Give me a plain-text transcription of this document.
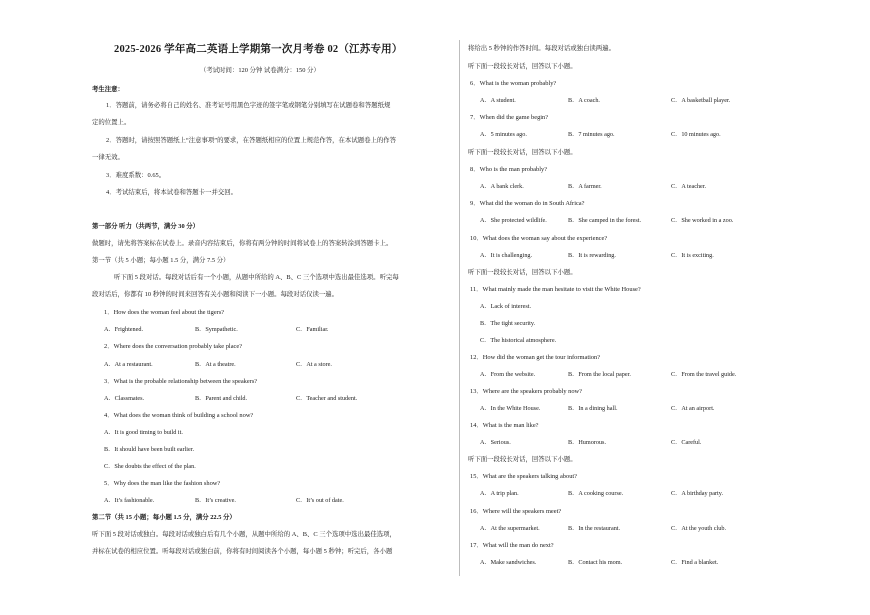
2025-2026 学年高二英语上学期第一次月考卷 02（江苏专用）
（考试时间：120 分钟 试卷满分：150 分）
考生注意：
1．答题前，请务必将自己的姓名、准考证号用黑色字迹的签字笔或钢笔分别填写在试题卷和答题纸规
定的位置上。
2．答题时，请按照答题纸上“注意事项”的要求，在答题纸相应的位置上规范作答，在本试题卷上的作答
一律无效。
3．难度系数：0.65。
4．考试结束后，将本试卷和答题卡一并交回。
第一部分 听力（共两节，满分 30 分）
做题时，请先将答案标在试卷上。录音内容结束后，你将有两分钟的时间将试卷上的答案转涂到答题卡上。
第一节（共 5 小题；每小题 1.5 分，满分 7.5 分）
听下面 5 段对话。每段对话后有一个小题，从题中所给的 A、B、C 三个选项中选出最佳选项。听完每
段对话后，你都有 10 秒钟的时间来回答有关小题和阅读下一小题。每段对话仅读一遍。
1．How does the woman feel about the tigers?
A．Frightened.	B．Sympathetic.	C．Familiar.
2．Where does the conversation probably take place?
A．At a restaurant.	B．At a theatre.	C．At a store.
3．What is the probable relationship between the speakers?
A．Classmates.	B．Parent and child.	C．Teacher and student.
4．What does the woman think of building a school now?
A．It is good timing to build it.
B．It should have been built earlier.
C．She doubts the effect of the plan.
5．Why does the man like the fashion show?
A．It’s fashionable.	B．It’s creative.	C．It’s out of date.
第二节（共 15 小题；每小题 1.5 分，满分 22.5 分）
听下面 5 段对话或独白。每段对话或独白后有几个小题，从题中所给的 A、B、C 三个选项中选出最佳选项，
并标在试卷的相应位置。听每段对话或独白前，你将有时间阅读各个小题，每小题 5 秒钟；听完后，各小题
将给出 5 秒钟的作答时间。每段对话或独白读两遍。
听下面一段较长对话，回答以下小题。
6．What is the woman probably?
A．A student.	B．A coach.	C．A basketball player.
7．When did the game begin?
A．5 minutes ago.	B．7 minutes ago.	C．10 minutes ago.
听下面一段较长对话，回答以下小题。
8．Who is the man probably?
A．A bank clerk.	B．A farmer.	C．A teacher.
9．What did the woman do in South Africa?
A．She protected wildlife.	B．She camped in the forest.	C．She worked in a zoo.
10．What does the woman say about the experience?
A．It is challenging.	B．It is rewarding.	C．It is exciting.
听下面一段较长对话，回答以下小题。
11．What mainly made the man hesitate to visit the White House?
A．Lack of interest.
B．The tight security.
C．The historical atmosphere.
12．How did the woman get the tour information?
A．From the website.	B．From the local paper.	C．From the travel guide.
13．Where are the speakers probably now?
A．In the White House.	B．In a dining hall.	C．At an airport.
14．What is the man like?
A．Serious.	B．Humorous.	C．Careful.
听下面一段较长对话，回答以下小题。
15．What are the speakers talking about?
A．A trip plan.	B．A cooking course.	C．A birthday party.
16．Where will the speakers meet?
A．At the supermarket.	B．In the restaurant.	C．At the youth club.
17．What will the man do next?
A．Make sandwiches.	B．Contact his mom.	C．Find a blanket.
